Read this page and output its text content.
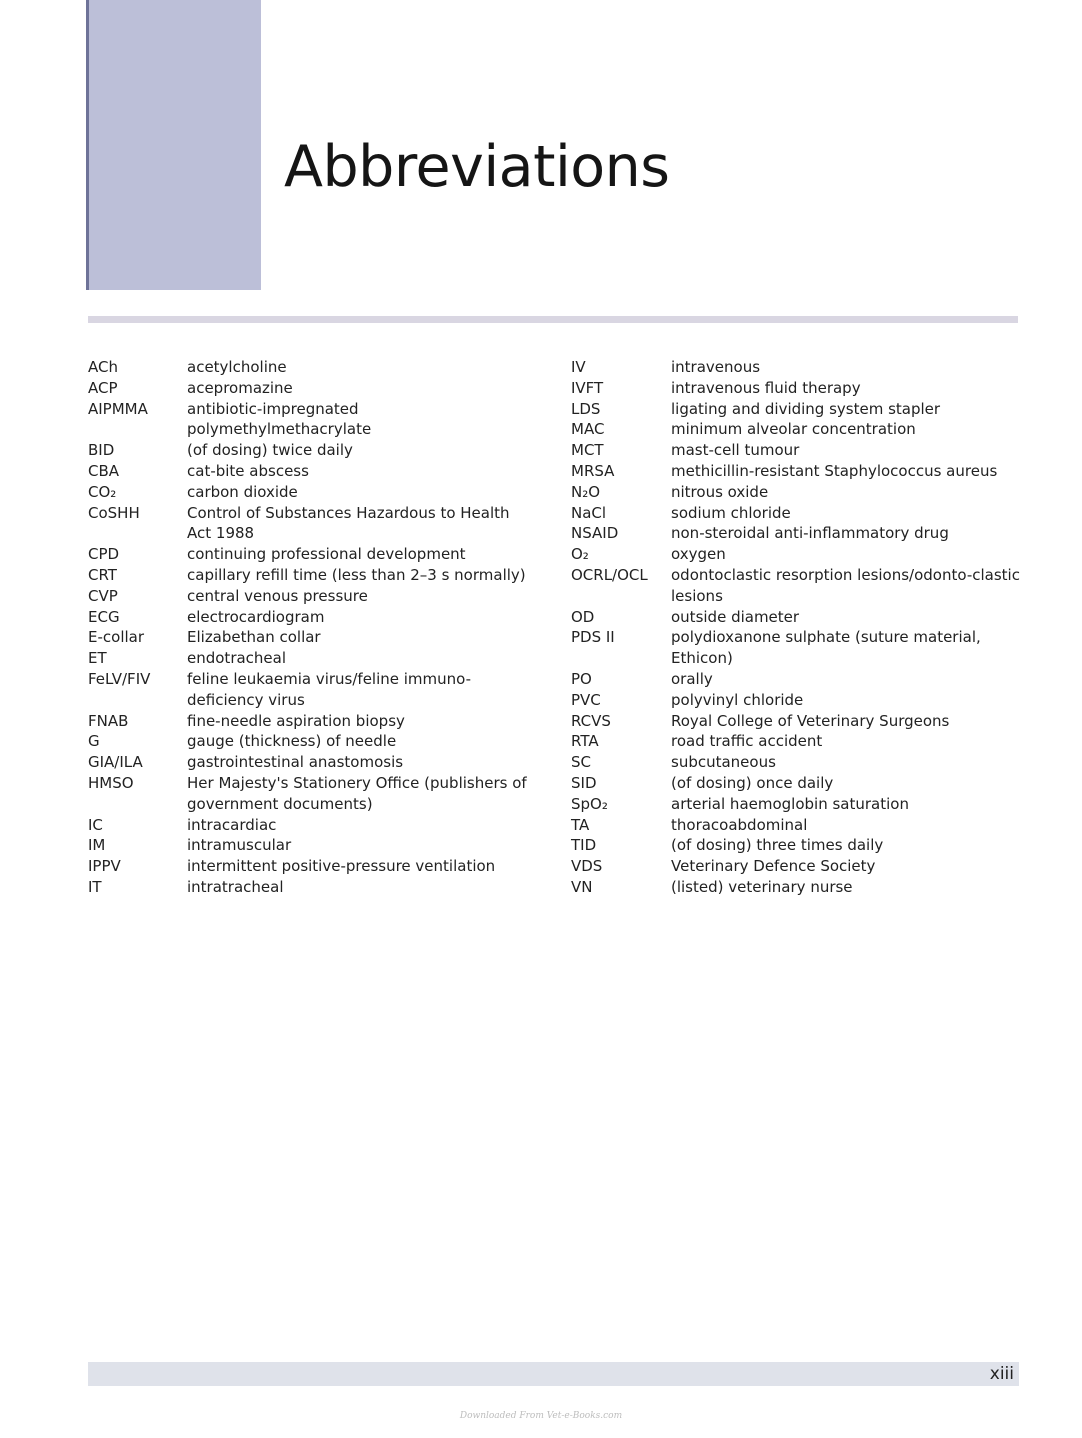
Abbreviations
ACh	acetylcholine
ACP	acepromazine
AIPMMA	antibiotic-impregnated polymethylmethacrylate
BID	(of dosing) twice daily
CBA	cat-bite abscess
CO₂	carbon dioxide
CoSHH	Control of Substances Hazardous to Health Act 1988
CPD	continuing professional development
CRT	capillary refill time (less than 2–3 s normally)
CVP	central venous pressure
ECG	electrocardiogram
E-collar	Elizabethan collar
ET	endotracheal
FeLV/FIV	feline leukaemia virus/feline immuno-deficiency virus
FNAB	fine-needle aspiration biopsy
G	gauge (thickness) of needle
GIA/ILA	gastrointestinal anastomosis
HMSO	Her Majesty's Stationery Office (publishers of government documents)
IC	intracardiac
IM	intramuscular
IPPV	intermittent positive-pressure ventilation
IT	intratracheal
IV	intravenous
IVFT	intravenous fluid therapy
LDS	ligating and dividing system stapler
MAC	minimum alveolar concentration
MCT	mast-cell tumour
MRSA	methicillin-resistant Staphylococcus aureus
N₂O	nitrous oxide
NaCl	sodium chloride
NSAID	non-steroidal anti-inflammatory drug
O₂	oxygen
OCRL/OCL	odontoclastic resorption lesions/odonto-clastic lesions
OD	outside diameter
PDS II	polydioxanone sulphate (suture material, Ethicon)
PO	orally
PVC	polyvinyl chloride
RCVS	Royal College of Veterinary Surgeons
RTA	road traffic accident
SC	subcutaneous
SID	(of dosing) once daily
SpO₂	arterial haemoglobin saturation
TA	thoracoabdominal
TID	(of dosing) three times daily
VDS	Veterinary Defence Society
VN	(listed) veterinary nurse
xiii
Downloaded From Vet-e-Books.com
